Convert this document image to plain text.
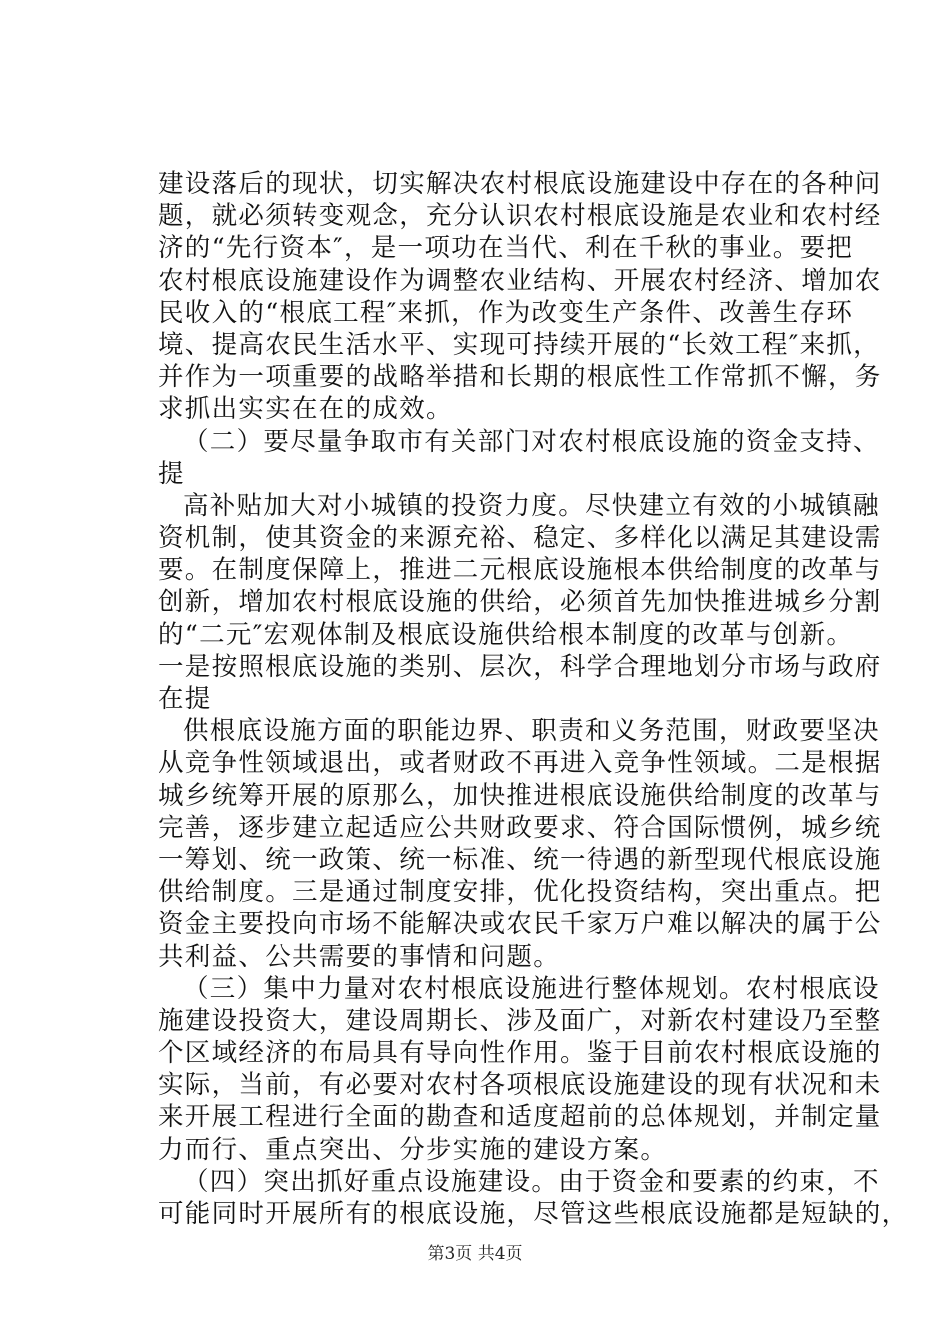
建设落后的现状，切实解决农村根底设施建设中存在的各种问
题，就必须转变观念，充分认识农村根底设施是农业和农村经
济的“先行资本″，是一项功在当代、利在千秋的事业。要把
农村根底设施建设作为调整农业结构、开展农村经济、增加农
民收入的“根底工程″来抓，作为改变生产条件、改善生存环
境、提高农民生活水平、实现可持续开展的“长效工程″来抓，
并作为一项重要的战略举措和长期的根底性工作常抓不懈，务
求抓出实实在在的成效。
（二）要尽量争取市有关部门对农村根底设施的资金支持、
提
高补贴加大对小城镇的投资力度。尽快建立有效的小城镇融
资机制，使其资金的来源充裕、稳定、多样化以满足其建设需
要。在制度保障上，推进二元根底设施根本供给制度的改革与
创新，增加农村根底设施的供给，必须首先加快推进城乡分割
的“二元″宏观体制及根底设施供给根本制度的改革与创新。
一是按照根底设施的类别、层次，科学合理地划分市场与政府
在提
供根底设施方面的职能边界、职责和义务范围，财政要坚决
从竞争性领域退出，或者财政不再进入竞争性领域。二是根据
城乡统筹开展的原那么，加快推进根底设施供给制度的改革与
完善，逐步建立起适应公共财政要求、符合国际惯例，城乡统
一筹划、统一政策、统一标准、统一待遇的新型现代根底设施
供给制度。三是通过制度安排，优化投资结构，突出重点。把
资金主要投向市场不能解决或农民千家万户难以解决的属于公
共利益、公共需要的事情和问题。
（三）集中力量对农村根底设施进行整体规划。农村根底设
施建设投资大，建设周期长、涉及面广，对新农村建设乃至整
个区域经济的布局具有导向性作用。鉴于目前农村根底设施的
实际，当前，有必要对农村各项根底设施建设的现有状况和未
来开展工程进行全面的勘查和适度超前的总体规划，并制定量
力而行、重点突出、分步实施的建设方案。
（四）突出抓好重点设施建设。由于资金和要素的约束，不
可能同时开展所有的根底设施，尽管这些根底设施都是短缺的，
第3页 共4页
